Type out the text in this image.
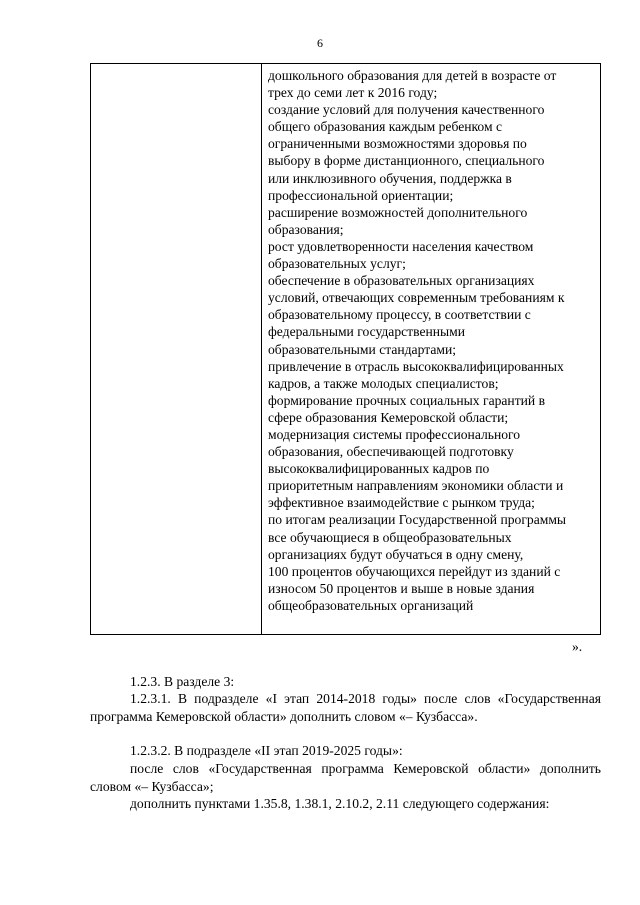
6
дошкольного образования для детей в возрасте от
трех до семи лет к 2016 году;
создание условий для получения качественного
общего образования каждым ребенком с
ограниченными возможностями здоровья по
выбору в форме дистанционного, специального
или инклюзивного обучения, поддержка в
профессиональной ориентации;
расширение возможностей дополнительного
образования;
рост удовлетворенности населения качеством
образовательных услуг;
обеспечение в образовательных организациях
условий, отвечающих современным требованиям к
образовательному процессу, в соответствии с
федеральными государственными
образовательными стандартами;
привлечение в отрасль высококвалифицированных
кадров, а также молодых специалистов;
формирование прочных социальных гарантий в
сфере образования Кемеровской области;
модернизация системы профессионального
образования, обеспечивающей подготовку
высококвалифицированных кадров по
приоритетным направлениям экономики области и
эффективное взаимодействие с рынком труда;
по итогам реализации Государственной программы
все обучающиеся в общеобразовательных
организациях будут обучаться в одну смену,
100 процентов обучающихся перейдут из зданий с
износом 50 процентов и выше в новые здания
общеобразовательных организаций
».
1.2.3. В разделе 3:
1.2.3.1. В подразделе «I этап 2014-2018 годы» после слов «Государственная программа Кемеровской области» дополнить словом «– Кузбасса».
1.2.3.2. В подразделе «II этап 2019-2025 годы»:
после слов «Государственная программа Кемеровской области» дополнить словом «– Кузбасса»;
дополнить пунктами 1.35.8, 1.38.1, 2.10.2, 2.11 следующего содержания:
